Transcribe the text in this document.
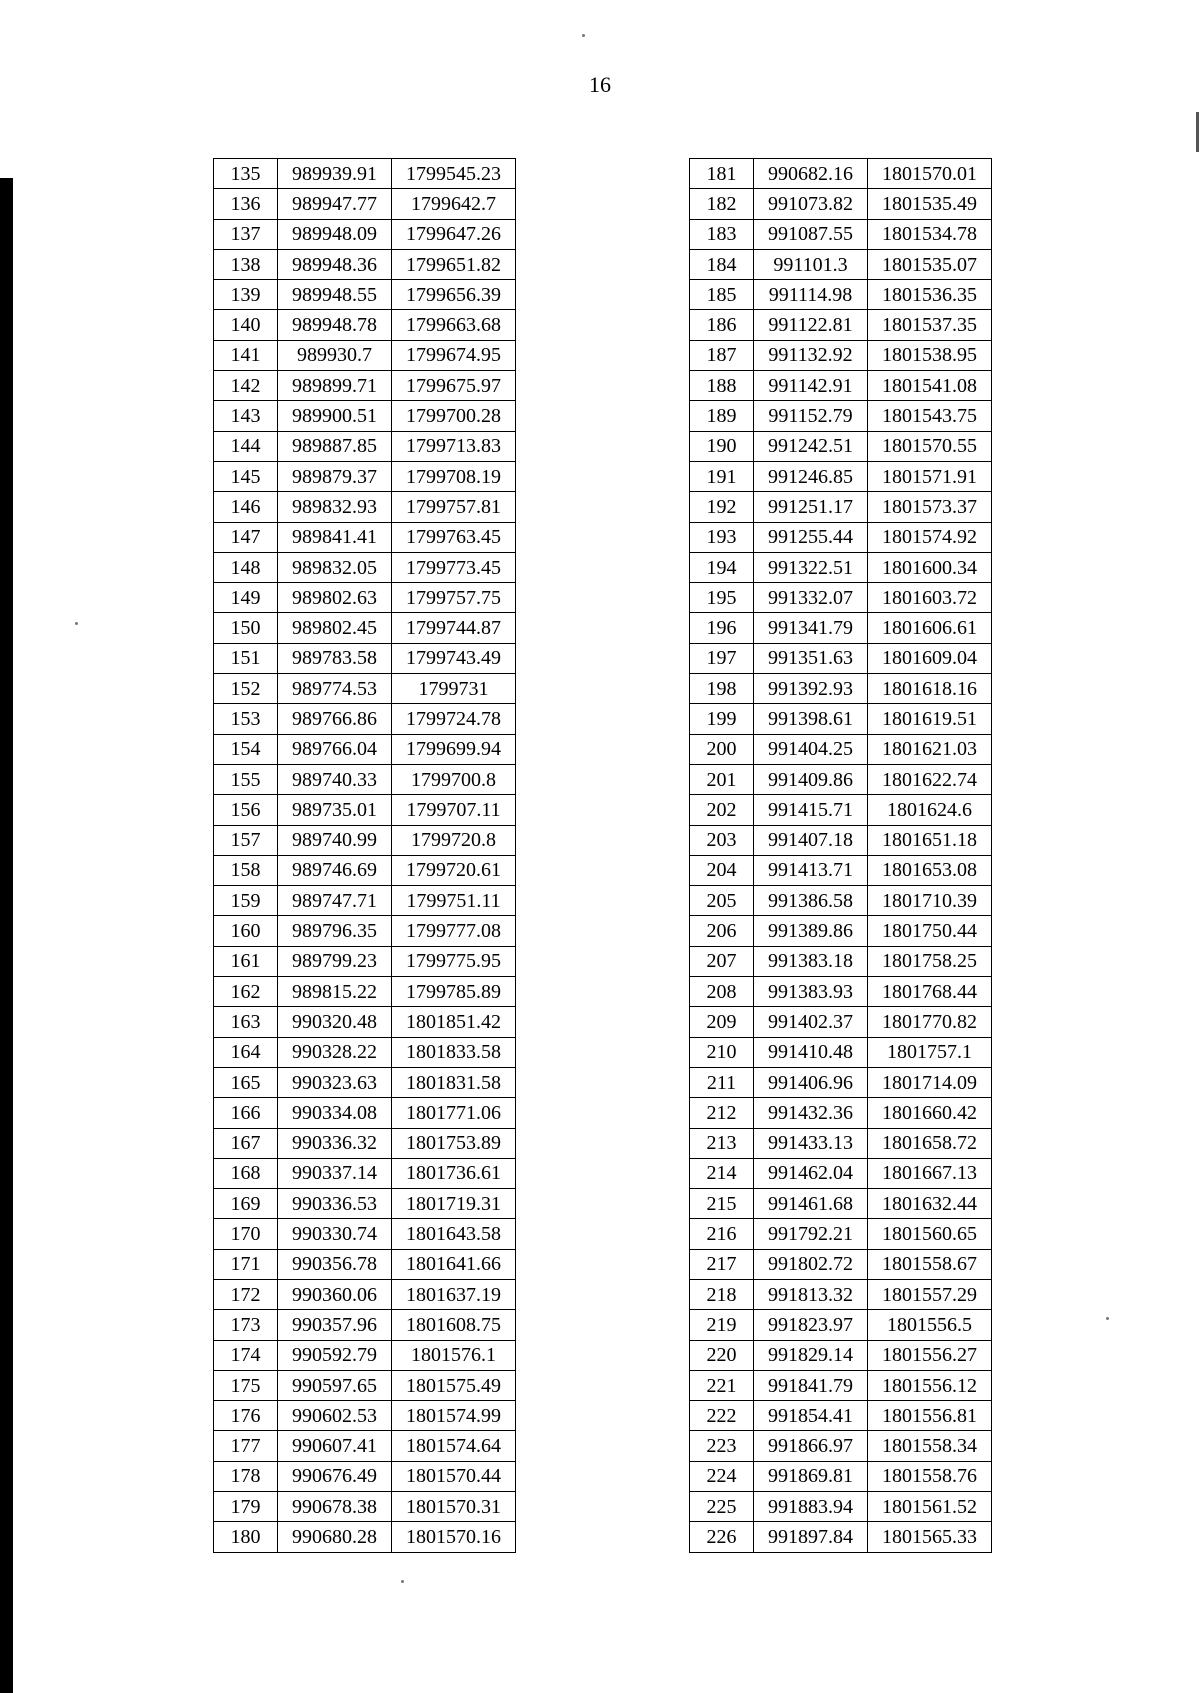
16
135	989939.91	1799545.23
136	989947.77	1799642.7
137	989948.09	1799647.26
138	989948.36	1799651.82
139	989948.55	1799656.39
140	989948.78	1799663.68
141	989930.7	1799674.95
142	989899.71	1799675.97
143	989900.51	1799700.28
144	989887.85	1799713.83
145	989879.37	1799708.19
146	989832.93	1799757.81
147	989841.41	1799763.45
148	989832.05	1799773.45
149	989802.63	1799757.75
150	989802.45	1799744.87
151	989783.58	1799743.49
152	989774.53	1799731
153	989766.86	1799724.78
154	989766.04	1799699.94
155	989740.33	1799700.8
156	989735.01	1799707.11
157	989740.99	1799720.8
158	989746.69	1799720.61
159	989747.71	1799751.11
160	989796.35	1799777.08
161	989799.23	1799775.95
162	989815.22	1799785.89
163	990320.48	1801851.42
164	990328.22	1801833.58
165	990323.63	1801831.58
166	990334.08	1801771.06
167	990336.32	1801753.89
168	990337.14	1801736.61
169	990336.53	1801719.31
170	990330.74	1801643.58
171	990356.78	1801641.66
172	990360.06	1801637.19
173	990357.96	1801608.75
174	990592.79	1801576.1
175	990597.65	1801575.49
176	990602.53	1801574.99
177	990607.41	1801574.64
178	990676.49	1801570.44
179	990678.38	1801570.31
180	990680.28	1801570.16
181	990682.16	1801570.01
182	991073.82	1801535.49
183	991087.55	1801534.78
184	991101.3	1801535.07
185	991114.98	1801536.35
186	991122.81	1801537.35
187	991132.92	1801538.95
188	991142.91	1801541.08
189	991152.79	1801543.75
190	991242.51	1801570.55
191	991246.85	1801571.91
192	991251.17	1801573.37
193	991255.44	1801574.92
194	991322.51	1801600.34
195	991332.07	1801603.72
196	991341.79	1801606.61
197	991351.63	1801609.04
198	991392.93	1801618.16
199	991398.61	1801619.51
200	991404.25	1801621.03
201	991409.86	1801622.74
202	991415.71	1801624.6
203	991407.18	1801651.18
204	991413.71	1801653.08
205	991386.58	1801710.39
206	991389.86	1801750.44
207	991383.18	1801758.25
208	991383.93	1801768.44
209	991402.37	1801770.82
210	991410.48	1801757.1
211	991406.96	1801714.09
212	991432.36	1801660.42
213	991433.13	1801658.72
214	991462.04	1801667.13
215	991461.68	1801632.44
216	991792.21	1801560.65
217	991802.72	1801558.67
218	991813.32	1801557.29
219	991823.97	1801556.5
220	991829.14	1801556.27
221	991841.79	1801556.12
222	991854.41	1801556.81
223	991866.97	1801558.34
224	991869.81	1801558.76
225	991883.94	1801561.52
226	991897.84	1801565.33
